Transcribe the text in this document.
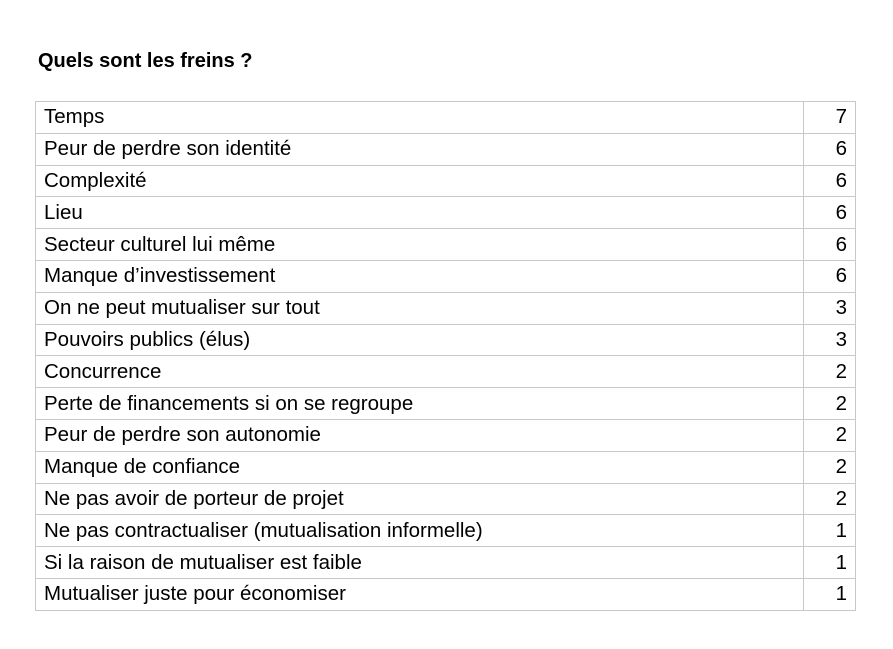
Quels sont les freins ?
Temps	7
Peur de perdre son identité	6
Complexité	6
Lieu	6
Secteur culturel lui même	6
Manque d’investissement	6
On ne peut mutualiser sur tout	3
Pouvoirs publics (élus)	3
Concurrence	2
Perte de financements si on se regroupe	2
Peur de perdre son autonomie	2
Manque de confiance	2
Ne pas avoir de porteur de projet	2
Ne pas contractualiser (mutualisation informelle)	1
Si la raison de mutualiser est faible	1
Mutualiser juste pour économiser	1
